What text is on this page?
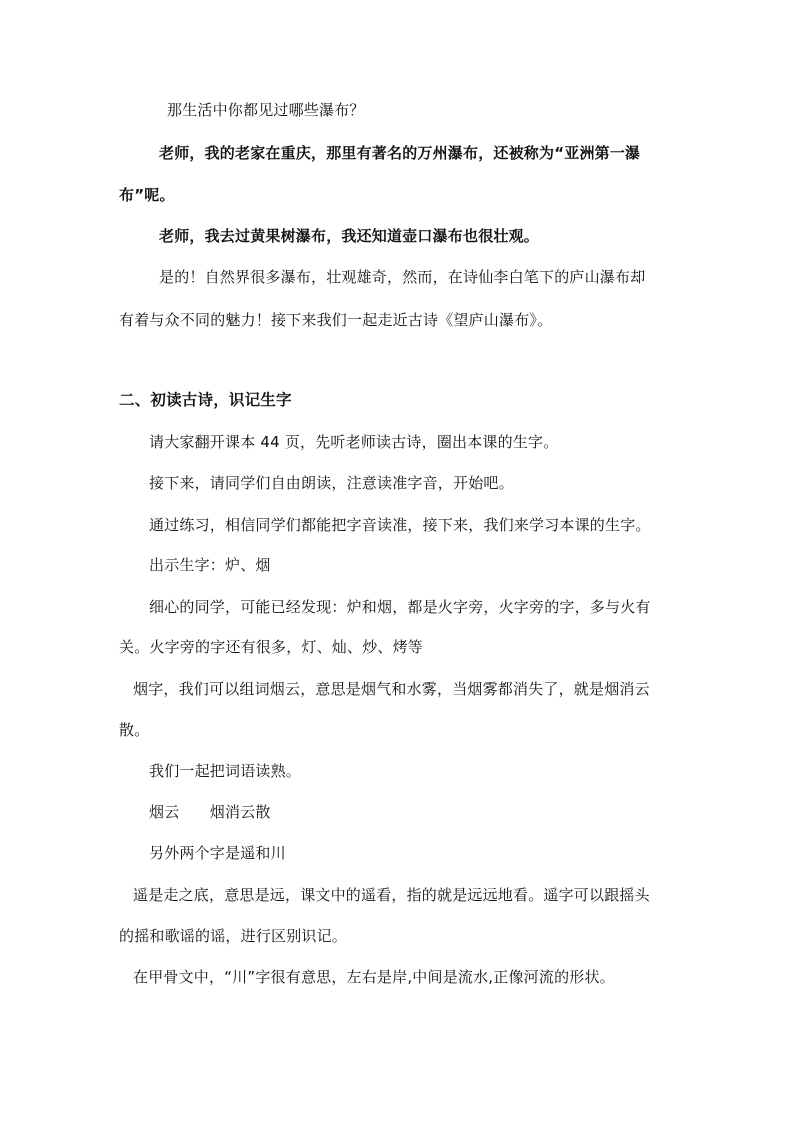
那生活中你都见过哪些瀑布？

老师，我的老家在重庆，那里有著名的万州瀑布，还被称为“亚洲第一瀑

布”呢。

老师，我去过黄果树瀑布，我还知道壶口瀑布也很壮观。

是的！自然界很多瀑布，壮观雄奇，然而，在诗仙李白笔下的庐山瀑布却

有着与众不同的魅力！接下来我们一起走近古诗《望庐山瀑布》。

二、初读古诗，识记生字

请大家翻开课本 44 页，先听老师读古诗，圈出本课的生字。

接下来，请同学们自由朗读，注意读准字音，开始吧。

通过练习，相信同学们都能把字音读准，接下来，我们来学习本课的生字。

出示生字：炉、烟

细心的同学，可能已经发现：炉和烟，都是火字旁，火字旁的字，多与火有

关。火字旁的字还有很多，灯、灿、炒、烤等

烟字，我们可以组词烟云，意思是烟气和水雾，当烟雾都消失了，就是烟消云

散。

我们一起把词语读熟。

烟云　　烟消云散

另外两个字是遥和川

遥是走之底，意思是远，课文中的遥看，指的就是远远地看。遥字可以跟摇头

的摇和歌谣的谣，进行区别识记。

在甲骨文中，“川”字很有意思，左右是岸,中间是流水,正像河流的形状。
